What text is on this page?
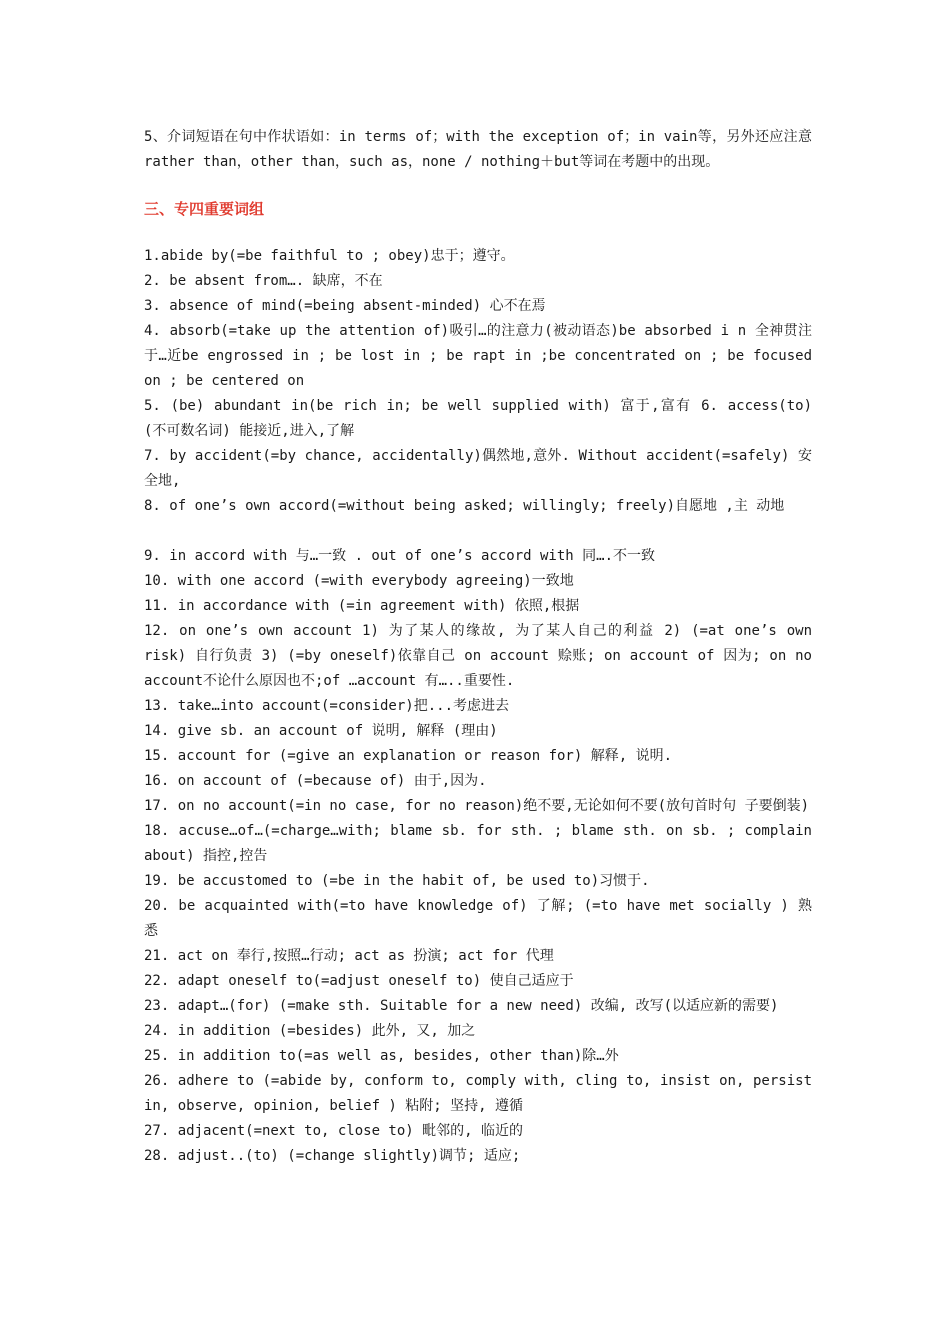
5、介词短语在句中作状语如：in terms of；with the exception of；in vain等，另外还应注意rather than，other than，such as，none / nothing＋but等词在考题中的出现。

三、专四重要词组
1.abide by(=be faithful to ; obey)忠于；遵守。
2. be absent from…. 缺席，不在
3. absence of mind(=being absent-minded) 心不在焉
4. absorb(=take up the attention of)吸引…的注意力(被动语态)be absorbed i n 全神贯注于…近be engrossed in ; be lost in ; be rapt in ;be concentrated on ; be focused on ; be centered on
5. (be) abundant in(be rich in; be well supplied with) 富于,富有 6. access(to) (不可数名词) 能接近,进入,了解
7. by accident(=by chance, accidentally)偶然地,意外. Without accident(=safely) 安全地,
8. of one’s own accord(=without being asked; willingly; freely)自愿地 ,主 动地
9. in accord with 与…一致 . out of one’s accord with 同….不一致
10. with one accord (=with everybody agreeing)一致地
11. in accordance with (=in agreement with) 依照,根据
12. on one’s own account 1) 为了某人的缘故, 为了某人自己的利益 2) (=at one’s own risk) 自行负责 3) (=by oneself)依靠自己 on account 赊账; on account of 因为; on no account不论什么原因也不;of …account 有…..重要性.
13. take…into account(=consider)把...考虑进去
14. give sb. an account of 说明, 解释 (理由)
15. account for (=give an explanation or reason for) 解释, 说明.
16. on account of (=because of) 由于,因为.
17. on no account(=in no case, for no reason)绝不要,无论如何不要(放句首时句 子要倒装)
18. accuse…of…(=charge…with; blame sb. for sth. ; blame sth. on sb. ; complain about) 指控,控告
19. be accustomed to (=be in the habit of, be used to)习惯于.
20. be acquainted with(=to have knowledge of) 了解; (=to have met socially ) 熟悉
21. act on 奉行,按照…行动; act as 扮演; act for 代理
22. adapt oneself to(=adjust oneself to) 使自己适应于
23. adapt…(for) (=make sth. Suitable for a new need) 改编, 改写(以适应新的需要)
24. in addition (=besides) 此外, 又, 加之
25. in addition to(=as well as, besides, other than)除…外
26. adhere to (=abide by, conform to, comply with, cling to, insist on, persist in, observe, opinion, belief ) 粘附; 坚持, 遵循
27. adjacent(=next to, close to) 毗邻的, 临近的
28. adjust..(to) (=change slightly)调节; 适应;
